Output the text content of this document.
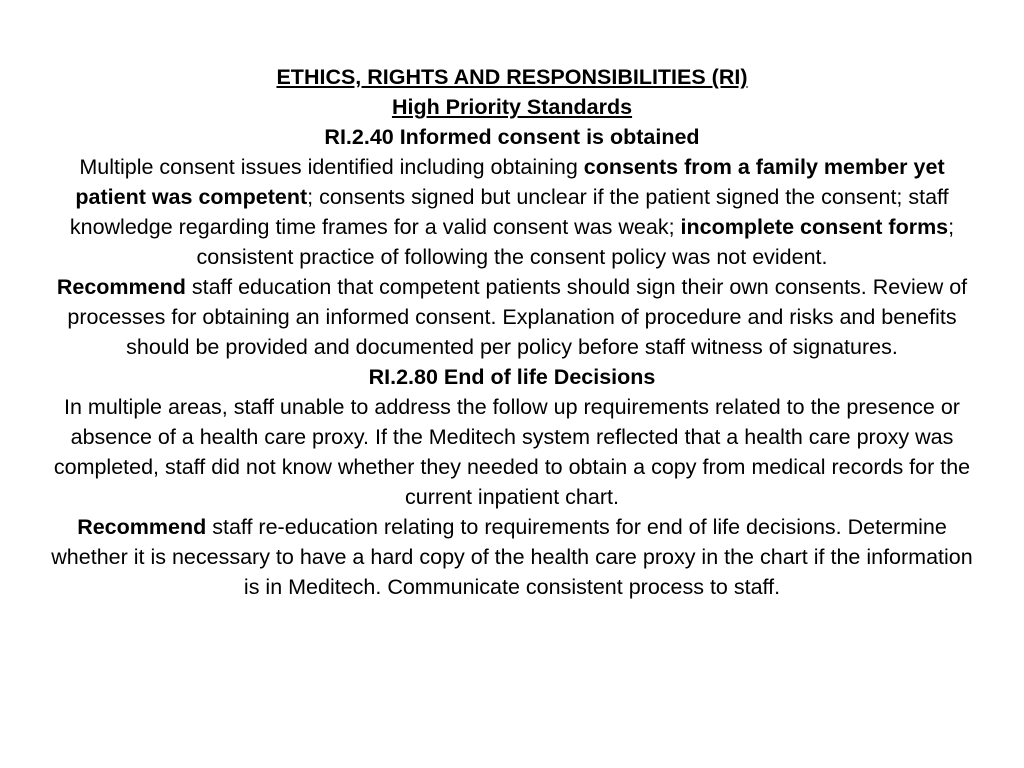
ETHICS, RIGHTS AND RESPONSIBILITIES (RI)
High Priority Standards
RI.2.40 Informed consent is obtained
Multiple consent issues identified including obtaining consents from a family member yet patient was competent; consents signed but unclear if the patient signed the consent; staff knowledge regarding time frames for a valid consent was weak; incomplete consent forms; consistent practice of following the consent policy was not evident.
Recommend staff education that competent patients should sign their own consents. Review of processes for obtaining an informed consent. Explanation of procedure and risks and benefits should be provided and documented per policy before staff witness of signatures.
RI.2.80 End of life Decisions
In multiple areas, staff unable to address the follow up requirements related to the presence or absence of a health care proxy. If the Meditech system reflected that a health care proxy was completed, staff did not know whether they needed to obtain a copy from medical records for the current inpatient chart.
Recommend staff re-education relating to requirements for end of life decisions. Determine whether it is necessary to have a hard copy of the health care proxy in the chart if the information is in Meditech. Communicate consistent process to staff.
